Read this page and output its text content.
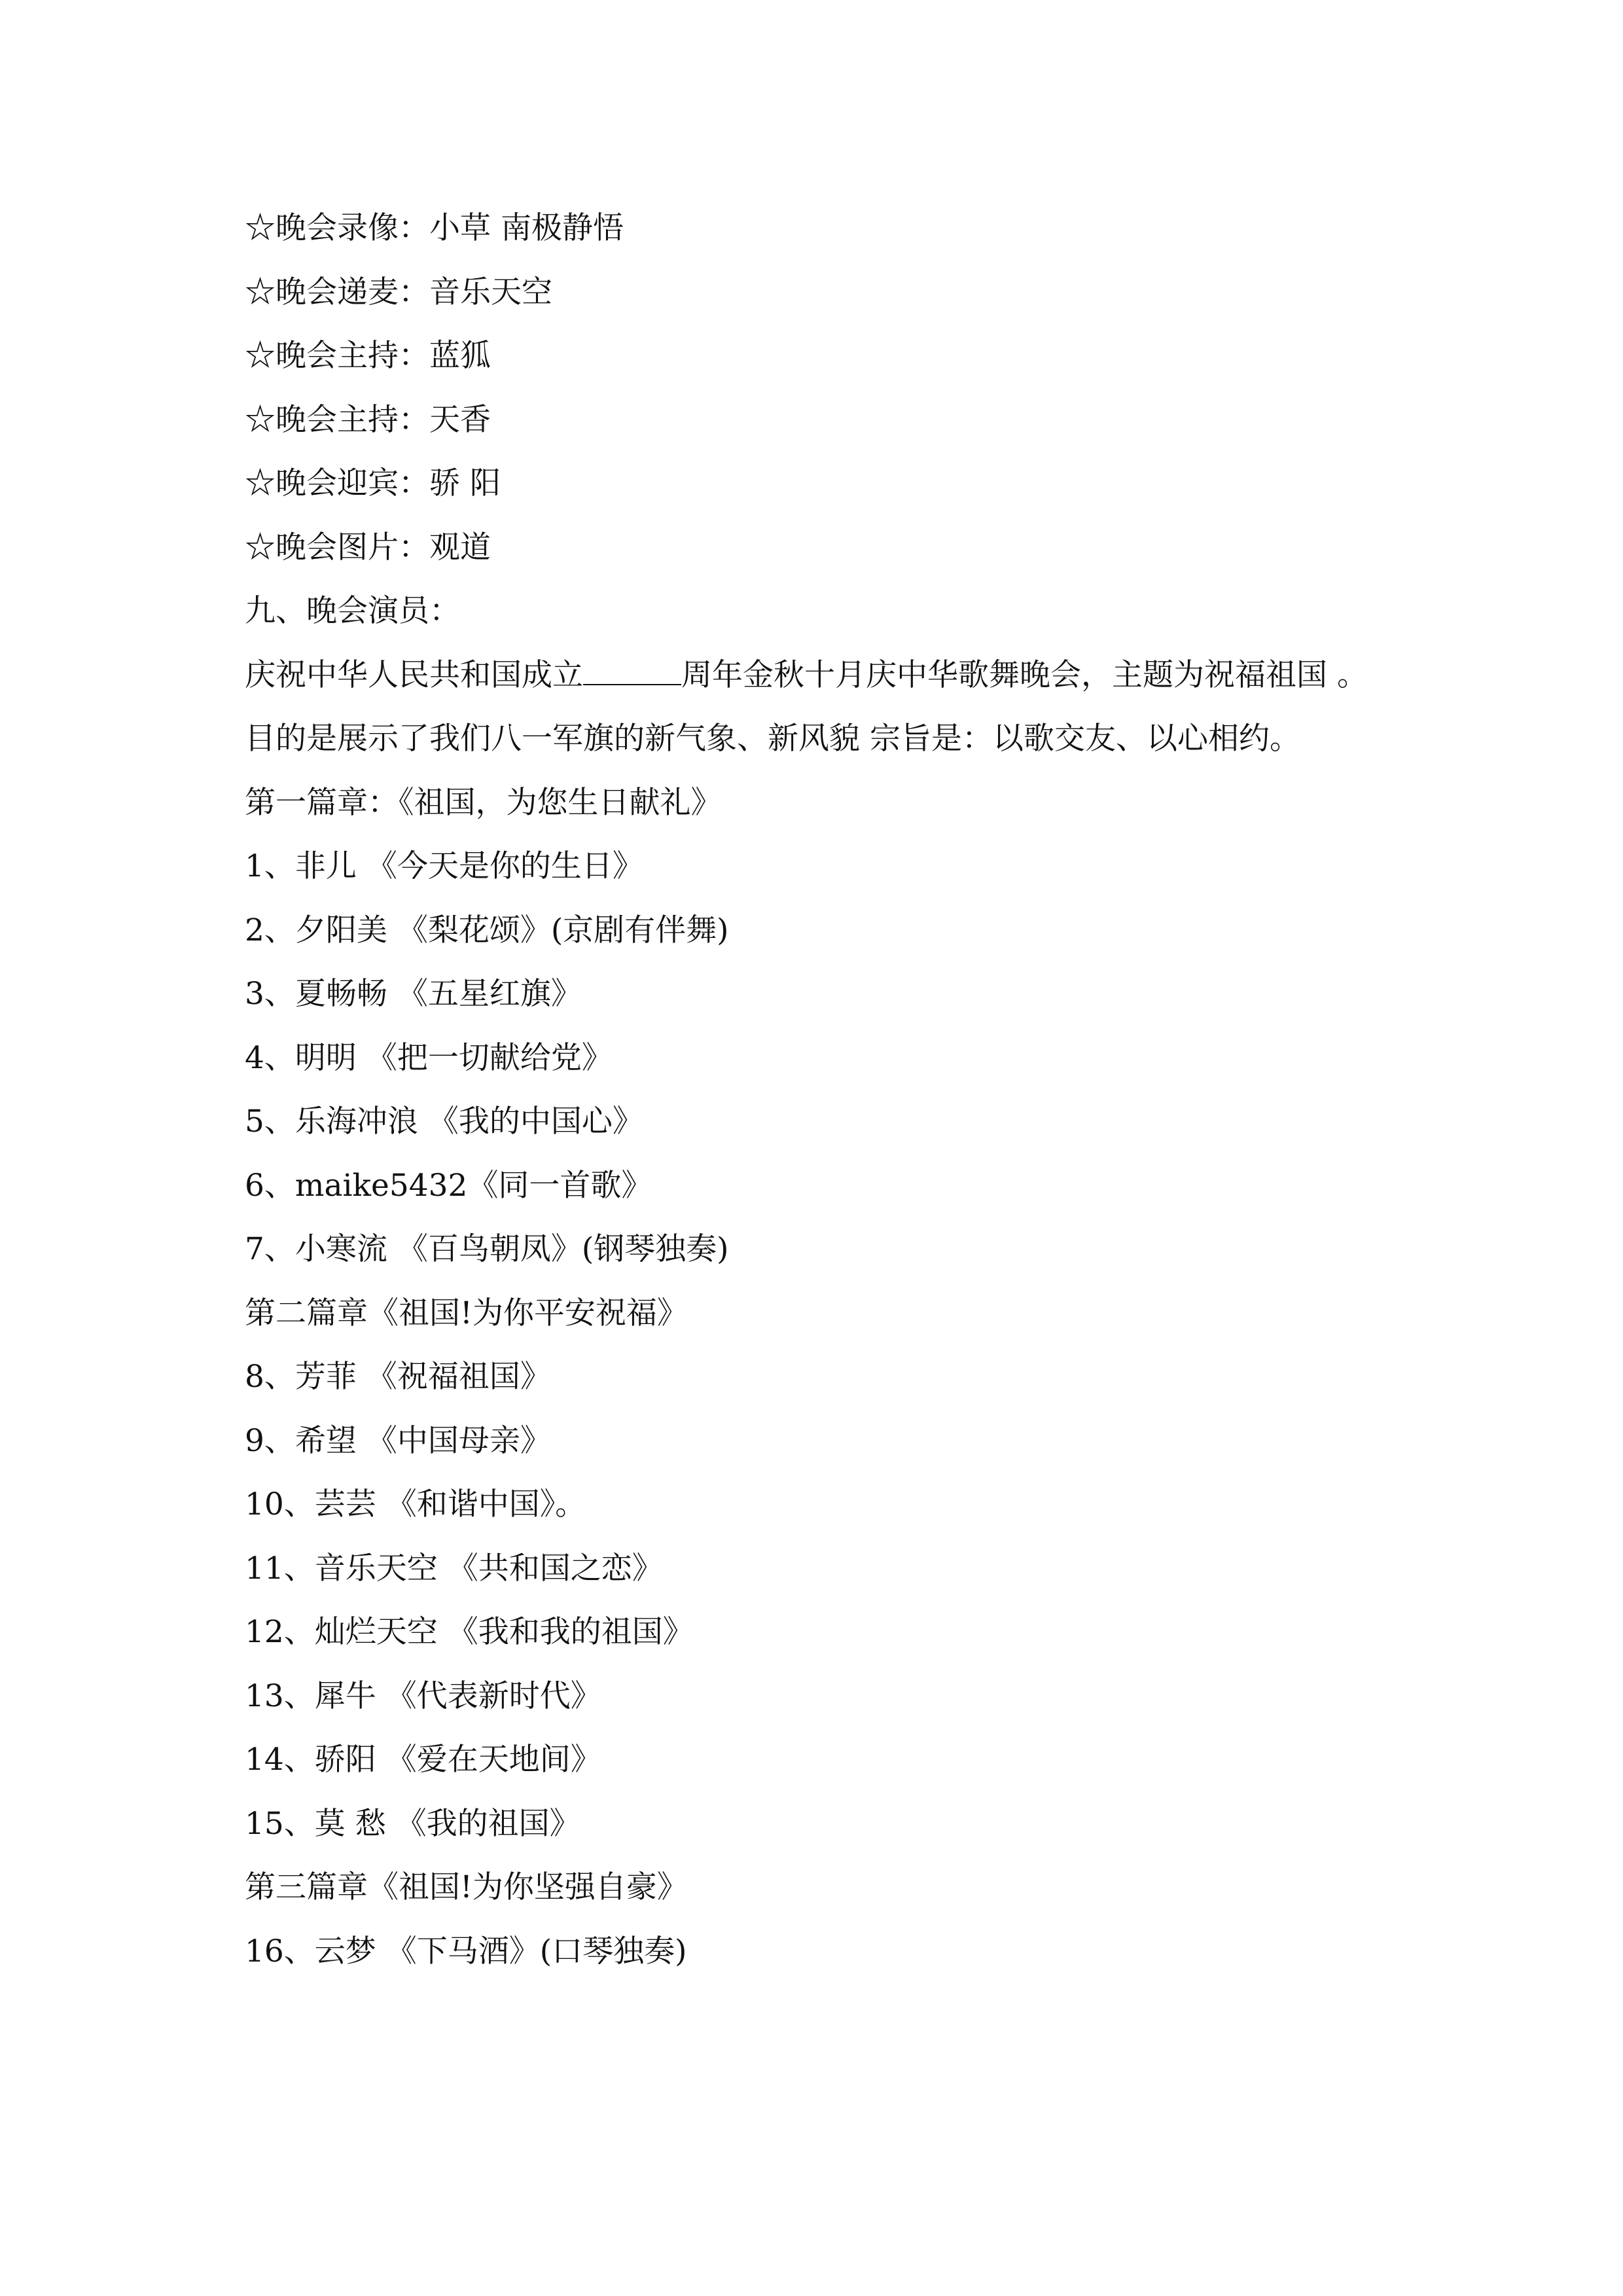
☆晚会录像：小草 南极静悟
☆晚会递麦：音乐天空
☆晚会主持：蓝狐
☆晚会主持：天香
☆晚会迎宾：骄 阳
☆晚会图片：观道
九、晚会演员：
庆祝中华人民共和国成立	周年金秋十月庆中华歌舞晚会，主题为祝福祖国 。
目的是展示了我们八一军旗的新气象、新风貌 宗旨是：以歌交友、以心相约。
第一篇章：《祖国，为您生日献礼》
1、非儿 《今天是你的生日》
2、夕阳美 《梨花颂》(京剧有伴舞)
3、夏畅畅 《五星红旗》
4、明明 《把一切献给党》
5、乐海冲浪 《我的中国心》
6、maike5432《同一首歌》
7、小寒流 《百鸟朝凤》(钢琴独奏)
第二篇章《祖国!为你平安祝福》
8、芳菲 《祝福祖国》
9、希望 《中国母亲》
10、芸芸 《和谐中国》。
11、音乐天空 《共和国之恋》
12、灿烂天空 《我和我的祖国》
13、犀牛 《代表新时代》
14、骄阳 《爱在天地间》
15、莫 愁 《我的祖国》
第三篇章《祖国!为你坚强自豪》
16、云梦 《下马酒》(口琴独奏)
